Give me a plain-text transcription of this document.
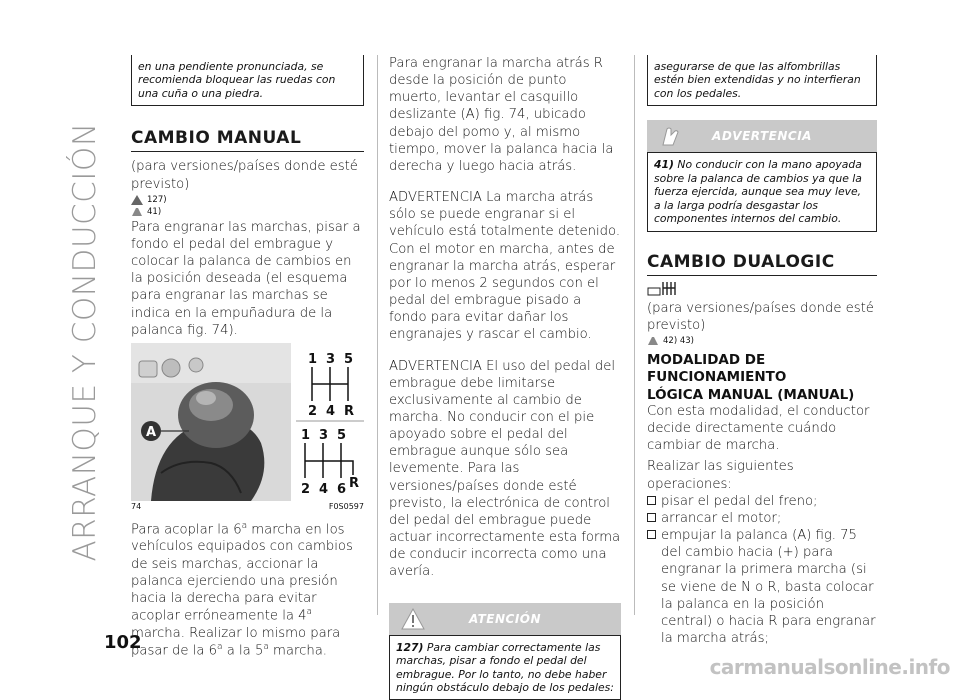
ARRANQUE Y CONDUCCIÓN
102
en una pendiente pronunciada, se recomienda bloquear las ruedas con una cuña o una piedra.
CAMBIO MANUAL

(para versiones/países donde esté previsto)

127)
41)

Para engranar las marchas, pisar a fondo el pedal del embrague y colocar la palanca de cambios en la posición deseada (el esquema para engranar las marchas se indica en la empuñadura de la palanca fig. 74).

A
1 3 5
2 4 R
1 3 5
2 4 6 R
74	F0S0597

Para acoplar la 6$^a$ marcha en los vehículos equipados con cambios de seis marchas, accionar la palanca ejerciendo una presión hacia la derecha para evitar acoplar erróneamente la 4$^a$ marcha. Realizar lo mismo para pasar de la 6$^a$ a la 5$^a$ marcha.

Para engranar la marcha atrás R desde la posición de punto muerto, levantar el casquillo deslizante (A) fig. 74, ubicado debajo del pomo y, al mismo tiempo, mover la palanca hacia la derecha y luego hacia atrás.

ADVERTENCIA La marcha atrás sólo se puede engranar si el vehículo está totalmente detenido. Con el motor en marcha, antes de engranar la marcha atrás, esperar por lo menos 2 segundos con el pedal del embrague pisado a fondo para evitar dañar los engranajes y rascar el cambio.

ADVERTENCIA El uso del pedal del embrague debe limitarse exclusivamente al cambio de marcha. No conducir con el pie apoyado sobre el pedal del embrague aunque sólo sea levemente. Para las versiones/países donde esté previsto, la electrónica de control del pedal del embrague puede actuar incorrectamente esta forma de conducir incorrecta como una avería.

ATENCIÓN
127) Para cambiar correctamente las marchas, pisar a fondo el pedal del embrague. Por lo tanto, no debe haber ningún obstáculo debajo de los pedales:
asegurarse de que las alfombrillas estén bien extendidas y no interfieran con los pedales.
ADVERTENCIA
41) No conducir con la mano apoyada sobre la palanca de cambios ya que la fuerza ejercida, aunque sea muy leve, a la larga podría desgastar los componentes internos del cambio.
CAMBIO DUALOGIC

(para versiones/países donde esté previsto)

42) 43)
MODALIDAD DE FUNCIONAMIENTO
LÓGICA MANUAL (MANUAL)

Con esta modalidad, el conductor decide directamente cuándo cambiar de marcha.

Realizar las siguientes operaciones:

pisar el pedal del freno;
arrancar el motor;
empujar la palanca (A) fig. 75 del cambio hacia (+) para engranar la primera marcha (si se viene de N o R, basta colocar la palanca en la posición central) o hacia R para engranar la marcha atrás;
carmanualsonline.info
